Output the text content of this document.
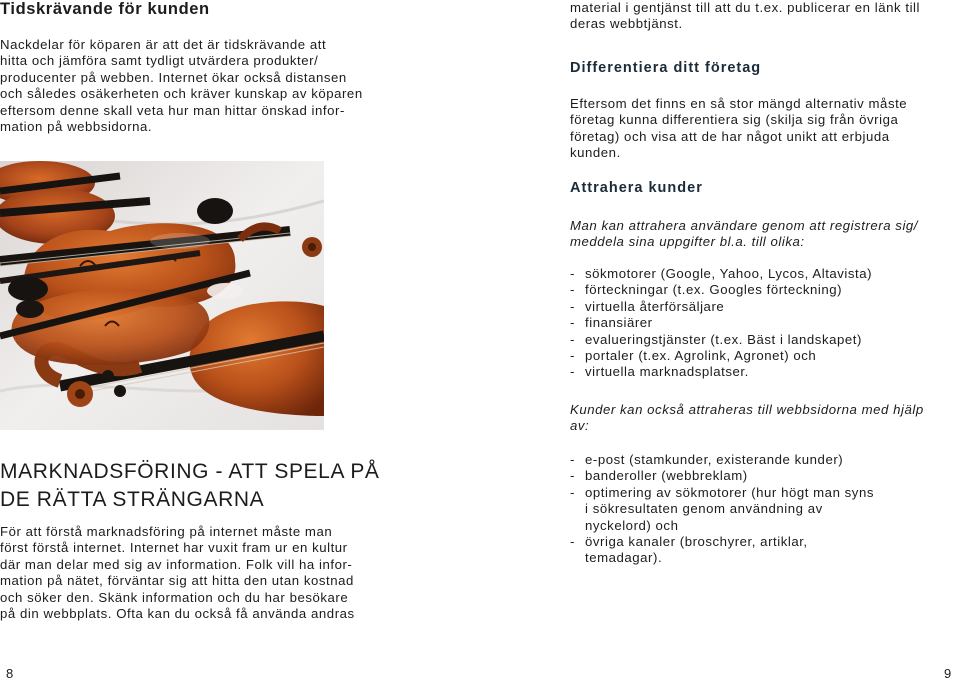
Tidskrävande för kunden

Nackdelar för köparen är att det är tidskrävande att
hitta och jämföra samt tydligt utvärdera produkter/
producenter på webben. Internet ökar också distansen
och således osäkerheten och kräver kunskap av köparen
eftersom denne skall veta hur man hittar önskad infor-
mation på webbsidorna.

MARKNADSFÖRING - ATT SPELA PÅ
DE RÄTTA STRÄNGARNA

För att förstå marknadsföring på internet måste man
först förstå internet. Internet har vuxit fram ur en kultur
där man delar med sig av information. Folk vill ha infor-
mation på nätet, förväntar sig att hitta den utan kostnad
och söker den. Skänk information och du har besökare
på din webbplats. Ofta kan du också få använda andras

8

material i gentjänst till att du t.ex. publicerar en länk till
deras webbtjänst.

Differentiera ditt företag

Eftersom det finns en så stor mängd alternativ måste
företag kunna differentiera sig (skilja sig från övriga
företag) och visa att de har något unikt att erbjuda
kunden.

Attrahera kunder

Man kan attrahera användare genom att registrera sig/
meddela sina uppgifter bl.a. till olika:

- sökmotorer (Google, Yahoo, Lycos, Altavista)
- förteckningar (t.ex. Googles förteckning)
- virtuella återförsäljare
- finansiärer
- evalueringstjänster (t.ex. Bäst i landskapet)
- portaler (t.ex. Agrolink, Agronet) och
- virtuella marknadsplatser.

Kunder kan också attraheras till webbsidorna med hjälp
av:

- e-post (stamkunder, existerande kunder)
- banderoller (webbreklam)
- optimering av sökmotorer (hur högt man syns
i sökresultaten genom användning av
nyckelord) och
- övriga kanaler (broschyrer, artiklar,
temadagar).
9
